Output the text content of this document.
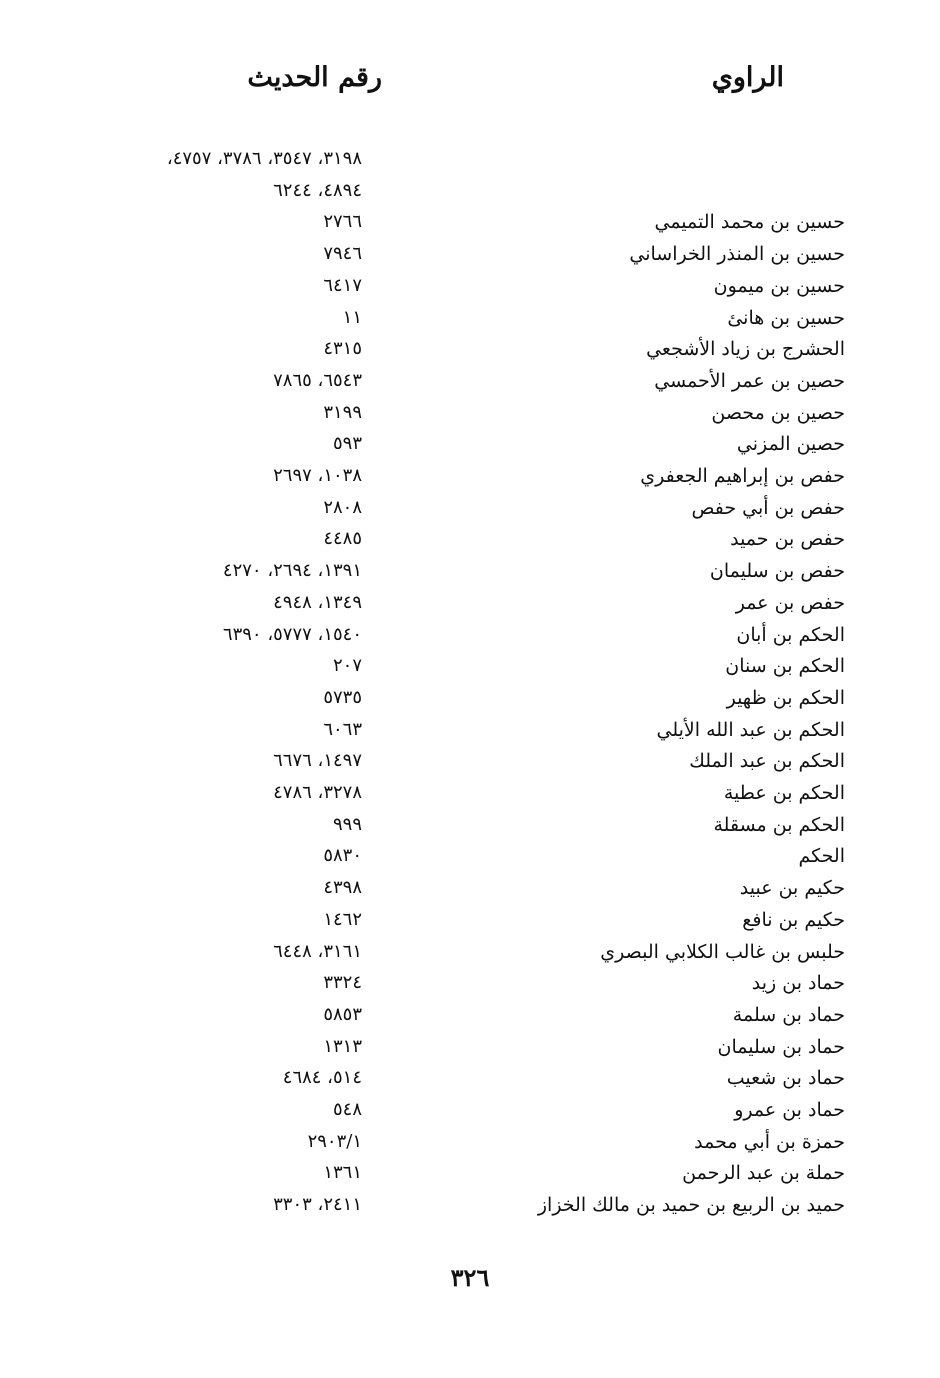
الراوي
رقم الحديث
٣١٩٨، ٣٥٤٧، ٣٧٨٦، ٤٧٥٧،
٤٨٩٤، ٦٢٤٤
حسين بن محمد التميمي
٢٧٦٦
حسين بن المنذر الخراساني
٧٩٤٦
حسين بن ميمون
٦٤١٧
حسين بن هانئ
١١
الحشرج بن زياد الأشجعي
٤٣١٥
حصين بن عمر الأحمسي
٦٥٤٣، ٧٨٦٥
حصين بن محصن
٣١٩٩
حصين المزني
٥٩٣
حفص بن إبراهيم الجعفري
١٠٣٨، ٢٦٩٧
حفص بن أبي حفص
٢٨٠٨
حفص بن حميد
٤٤٨٥
حفص بن سليمان
١٣٩١، ٢٦٩٤، ٤٢٧٠
حفص بن عمر
١٣٤٩، ٤٩٤٨
الحكم بن أبان
١٥٤٠، ٥٧٧٧، ٦٣٩٠
الحكم بن سنان
٢٠٧
الحكم بن ظهير
٥٧٣٥
الحكم بن عبد الله الأيلي
٦٠٦٣
الحكم بن عبد الملك
١٤٩٧، ٦٦٧٦
الحكم بن عطية
٣٢٧٨، ٤٧٨٦
الحكم بن مسقلة
٩٩٩
الحكم
٥٨٣٠
حكيم بن عبيد
٤٣٩٨
حكيم بن نافع
١٤٦٢
حلبس بن غالب الكلابي البصري
٣١٦١، ٦٤٤٨
حماد بن زيد
٣٣٢٤
حماد بن سلمة
٥٨٥٣
حماد بن سليمان
١٣١٣
حماد بن شعيب
٥١٤، ٤٦٨٤
حماد بن عمرو
٥٤٨
حمزة بن أبي محمد
٢٩٠٣/١
حملة بن عبد الرحمن
١٣٦١
حميد بن الربيع بن حميد بن مالك الخزاز
٢٤١١، ٣٣٠٣
٣٢٦
